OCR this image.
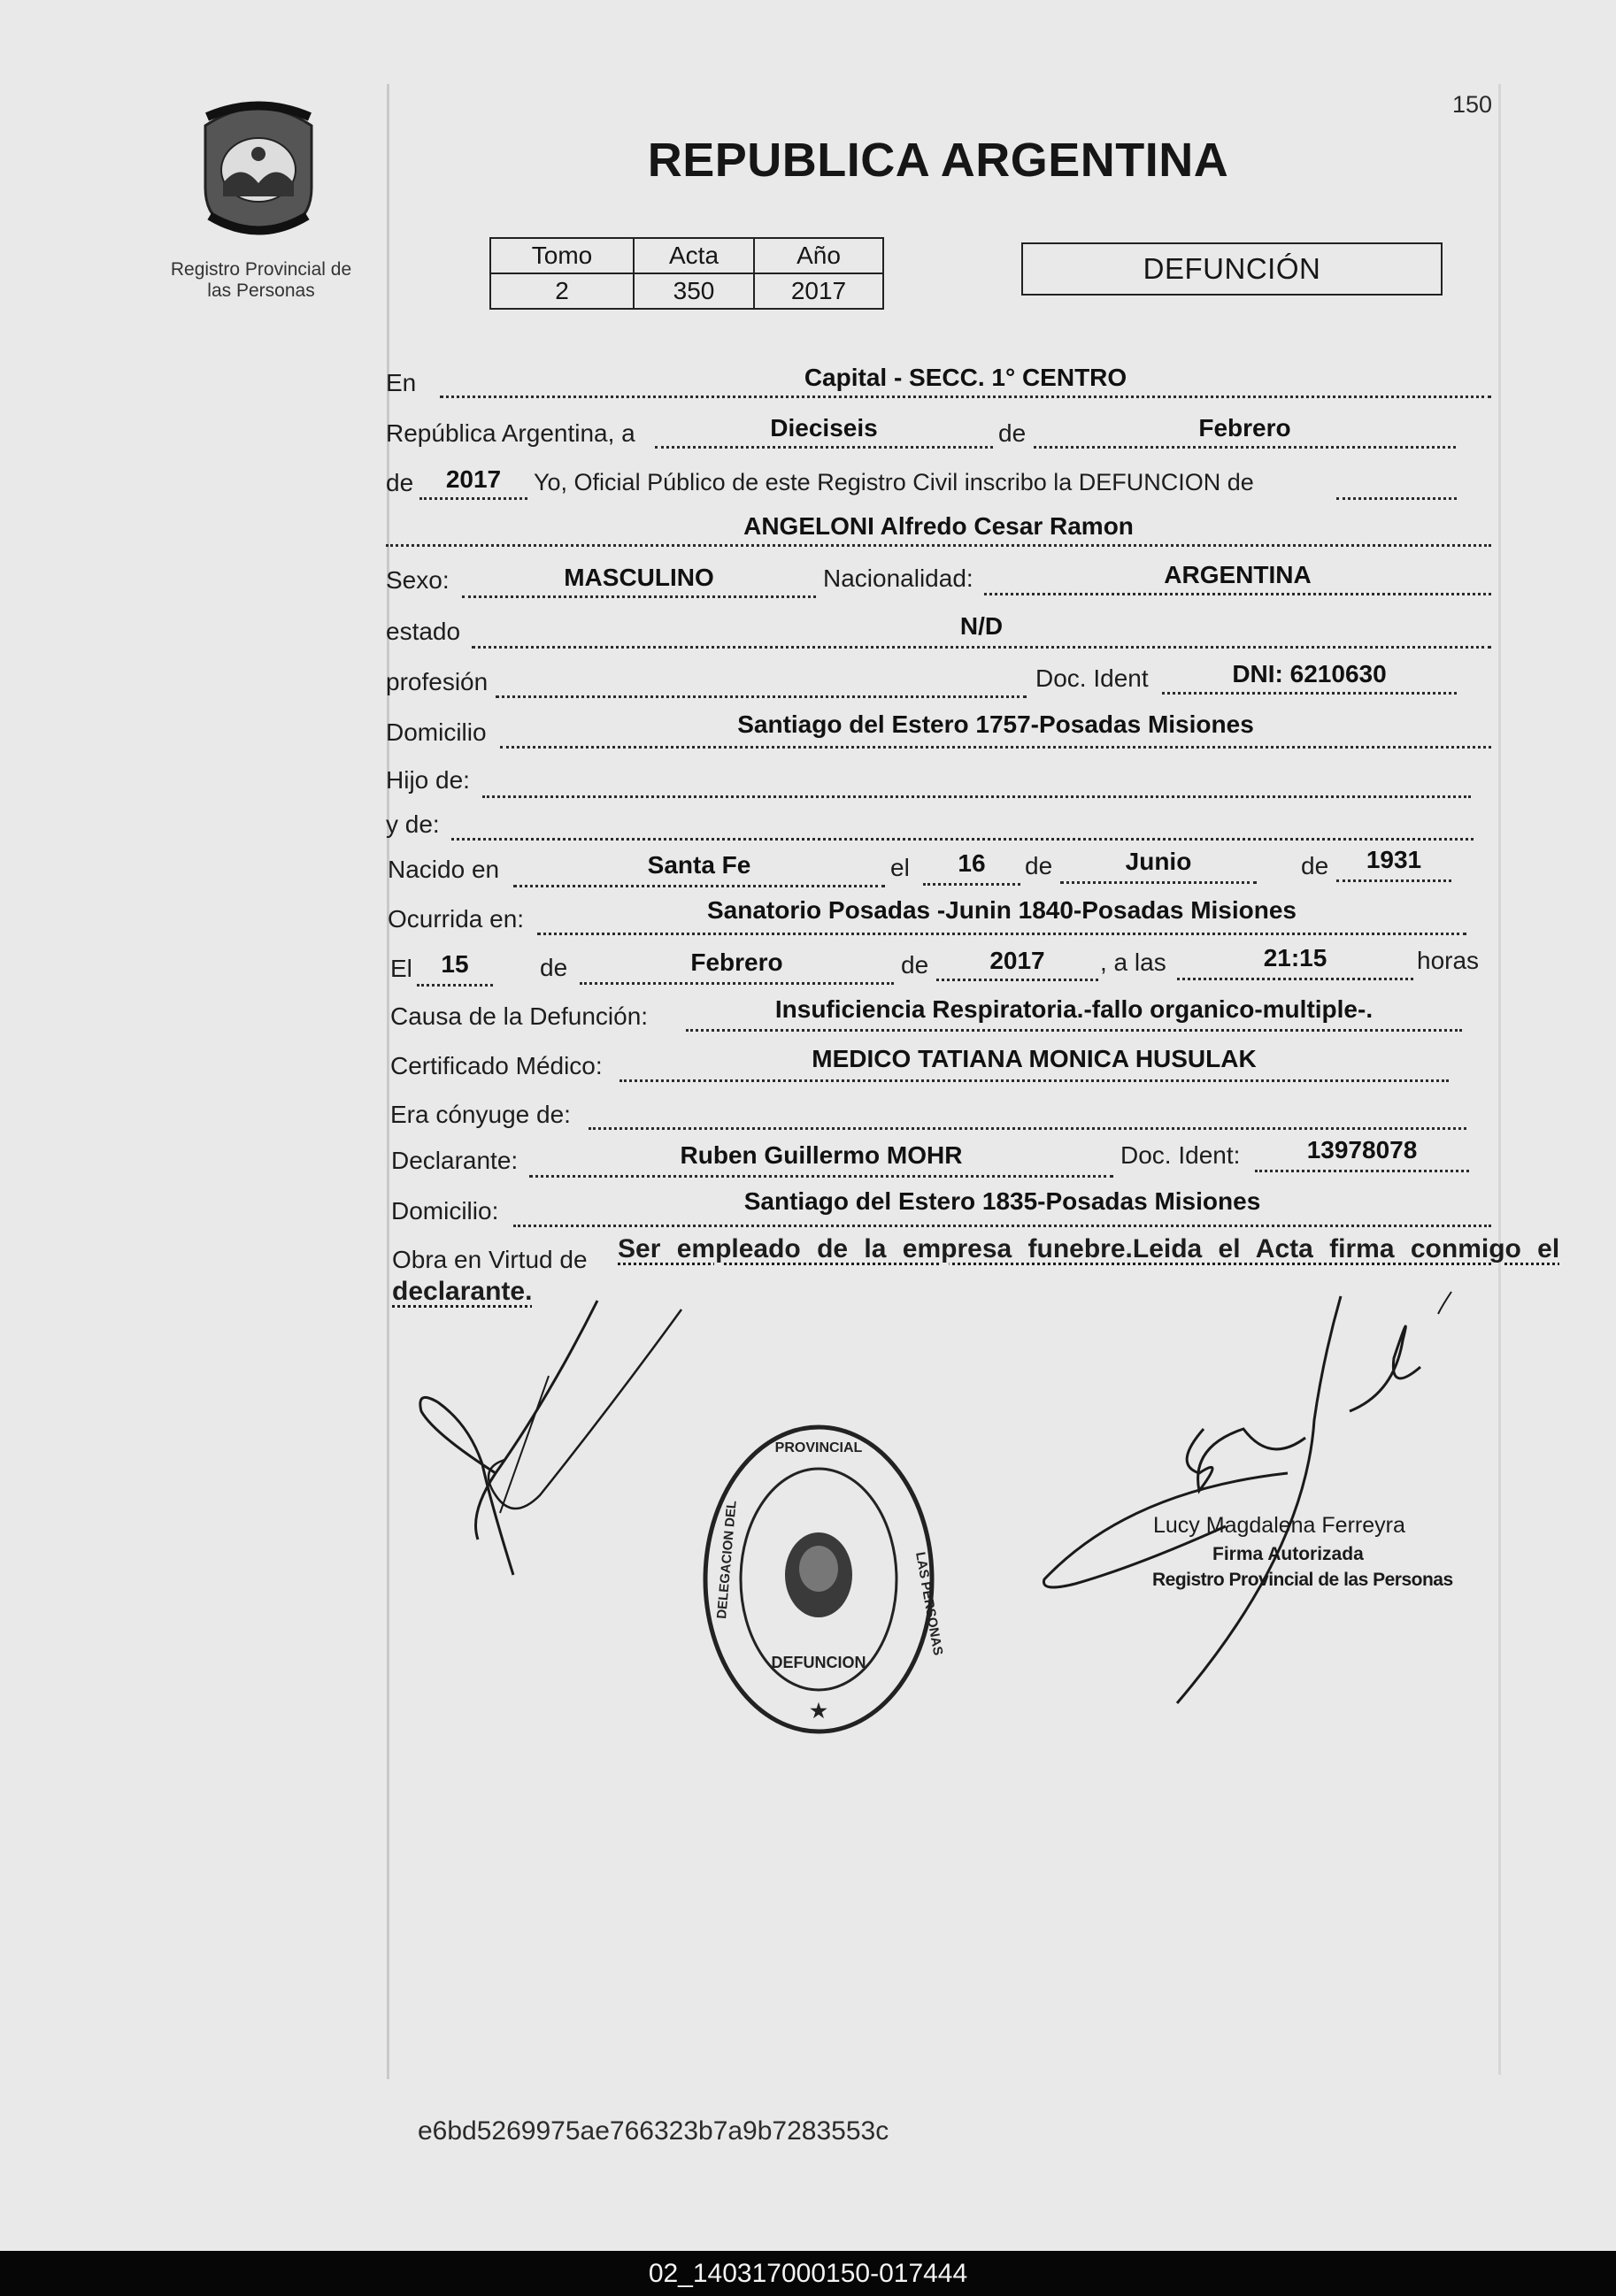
150
Registro Provincial de las Personas
REPUBLICA ARGENTINA
Tomo	Acta	Año
2	350	2017
DEFUNCIÓN
En	Capital - SECC. 1° CENTRO
República Argentina, a	Dieciseis	de	Febrero
de	2017	Yo, Oficial Público de este Registro Civil inscribo la DEFUNCION de
ANGELONI Alfredo Cesar Ramon
Sexo:	MASCULINO	Nacionalidad:	ARGENTINA
estado	N/D
profesión	Doc. Ident	DNI: 6210630
Domicilio	Santiago del Estero 1757-Posadas Misiones
Hijo de:
y de:
Nacido en	Santa Fe	el	16	de	Junio	de	1931
Ocurrida en:	Sanatorio Posadas -Junin 1840-Posadas Misiones
El	15	de	Febrero	de	2017	, a las	21:15	horas
Causa de la Defunción:	Insuficiencia Respiratoria.-fallo organico-multiple-.
Certificado Médico:	MEDICO TATIANA MONICA HUSULAK
Era cónyuge de:
Declarante:	Ruben Guillermo MOHR	Doc. Ident:	13978078
Domicilio:	Santiago del Estero 1835-Posadas Misiones
Obra en Virtud de Ser empleado de la empresa funebre.Leida el Acta firma conmigo el
declarante.
PROVINCIAL
★
DEFUNCION
DELEGACION DEL	LAS PERSONAS
Lucy Magdalena Ferreyra
Firma Autorizada
Registro Provincial de las Personas
e6bd5269975ae766323b7a9b7283553c
02_140317000150-017444
